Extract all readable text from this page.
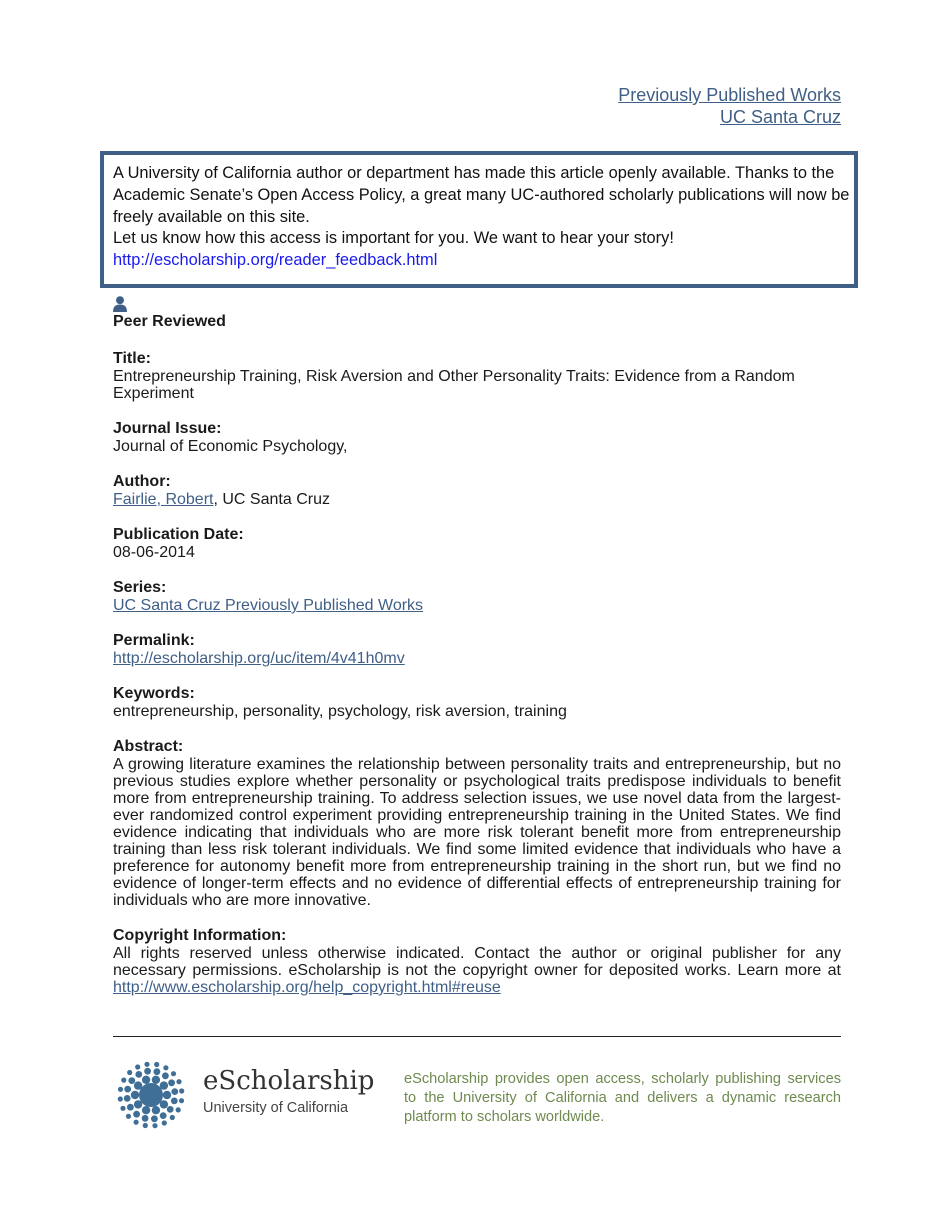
Previously Published Works
UC Santa Cruz
A University of California author or department has made this article openly available. Thanks to the Academic Senate’s Open Access Policy, a great many UC-authored scholarly publications will now be freely available on this site.
Let us know how this access is important for you. We want to hear your story!
http://escholarship.org/reader_feedback.html
Peer Reviewed
Title:
Entrepreneurship Training, Risk Aversion and Other Personality Traits: Evidence from a Random Experiment
Journal Issue:
Journal of Economic Psychology,
Author:
Fairlie, Robert, UC Santa Cruz
Publication Date:
08-06-2014
Series:
UC Santa Cruz Previously Published Works
Permalink:
http://escholarship.org/uc/item/4v41h0mv
Keywords:
entrepreneurship, personality, psychology, risk aversion, training
Abstract:
A growing literature examines the relationship between personality traits and entrepreneurship, but no previous studies explore whether personality or psychological traits predispose individuals to benefit more from entrepreneurship training. To address selection issues, we use novel data from the largest-ever randomized control experiment providing entrepreneurship training in the United States. We find evidence indicating that individuals who are more risk tolerant benefit more from entrepreneurship training than less risk tolerant individuals. We find some limited evidence that individuals who have a preference for autonomy benefit more from entrepreneurship training in the short run, but we find no evidence of longer-term effects and no evidence of differential effects of entrepreneurship training for individuals who are more innovative.
Copyright Information:
All rights reserved unless otherwise indicated. Contact the author or original publisher for any necessary permissions. eScholarship is not the copyright owner for deposited works. Learn more at http://www.escholarship.org/help_copyright.html#reuse
eScholarship
University of California
eScholarship provides open access, scholarly publishing services to the University of California and delivers a dynamic research platform to scholars worldwide.
